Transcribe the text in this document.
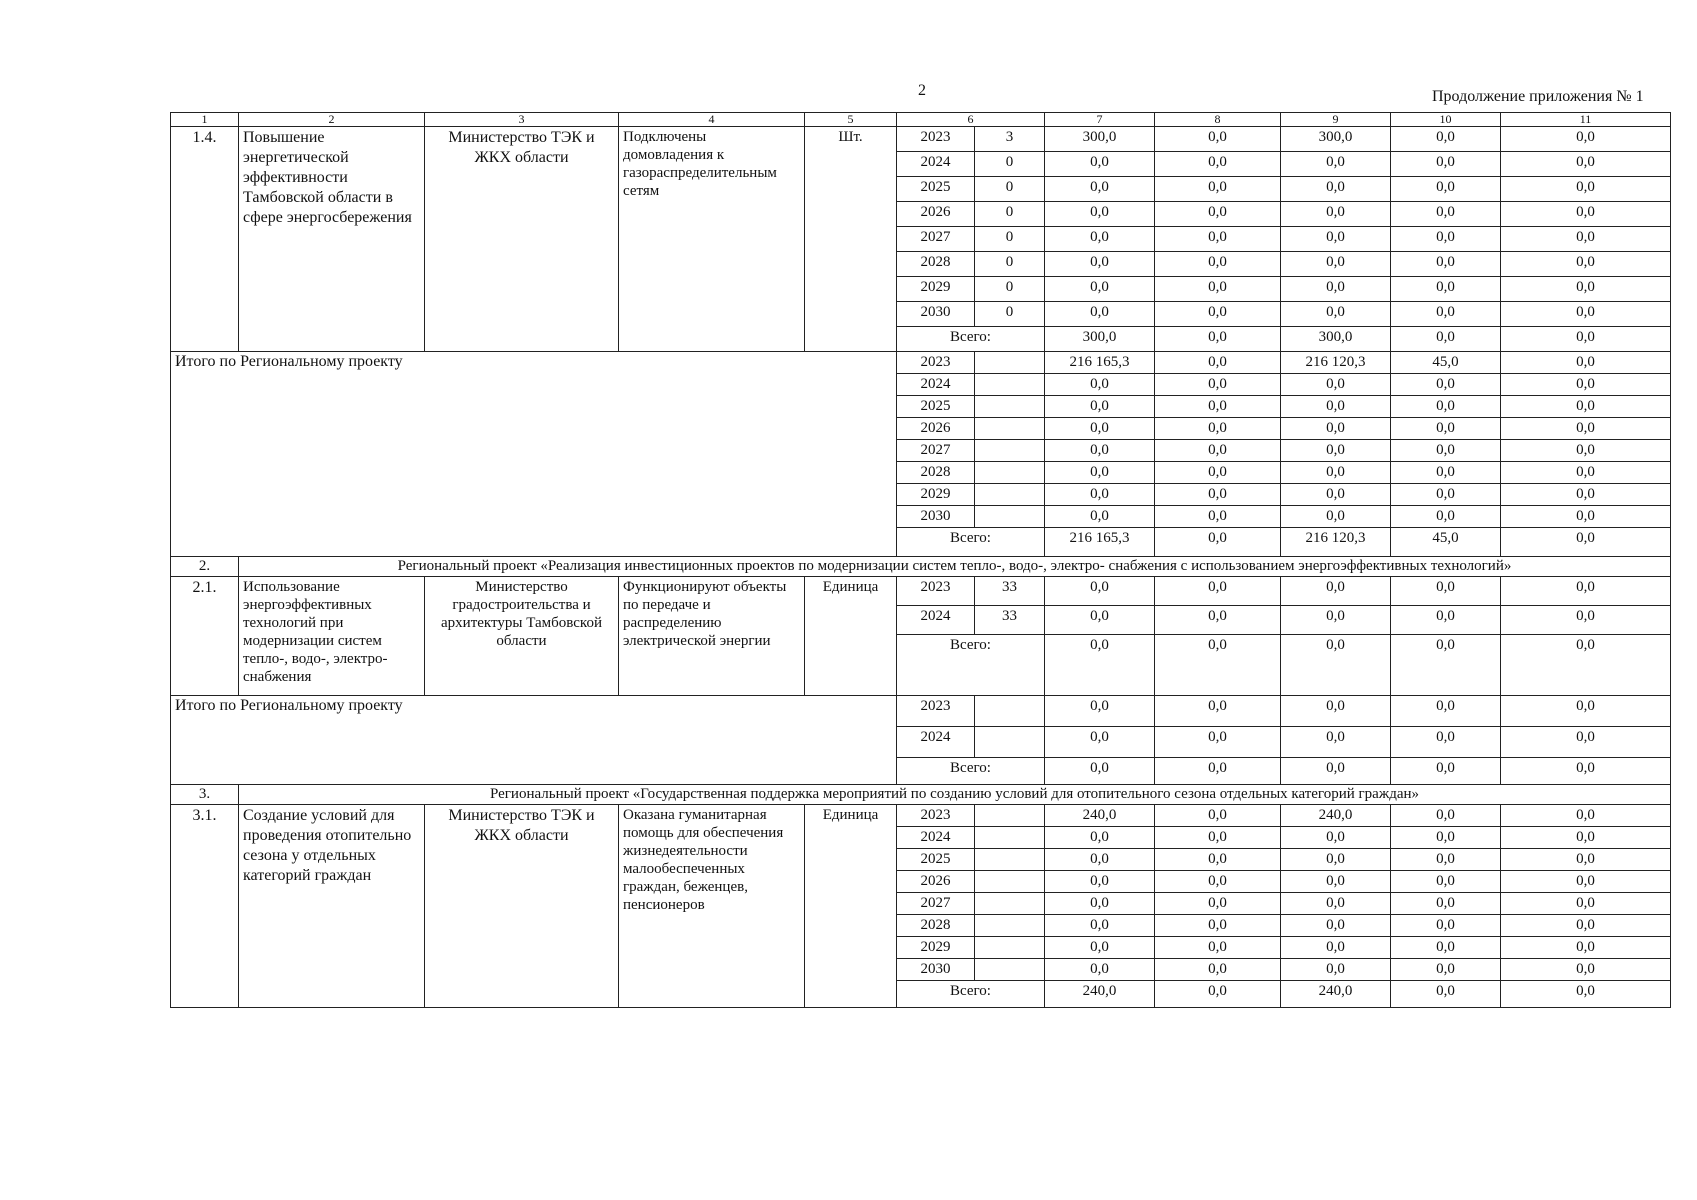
2	Продолжение приложения № 1
1	2	3	4	5	6		7	8	9	10	11
1.4.	Повышение энергетической эффективности Тамбовской области в сфере энергосбережения	Министерство ТЭК и ЖКХ области	Подключены домовладения к газораспределительным сетям	Шт.	2023	3	300,0	0,0	300,0	0,0	0,0
					2024	0	0,0	0,0	0,0	0,0	0,0
					2025	0	0,0	0,0	0,0	0,0	0,0
					2026	0	0,0	0,0	0,0	0,0	0,0
					2027	0	0,0	0,0	0,0	0,0	0,0
					2028	0	0,0	0,0	0,0	0,0	0,0
					2029	0	0,0	0,0	0,0	0,0	0,0
					2030	0	0,0	0,0	0,0	0,0	0,0
					Всего:		300,0	0,0	300,0	0,0	0,0
Итого по Региональному проекту					2023		216 165,3	0,0	216 120,3	45,0	0,0
					2024		0,0	0,0	0,0	0,0	0,0
					2025		0,0	0,0	0,0	0,0	0,0
					2026		0,0	0,0	0,0	0,0	0,0
					2027		0,0	0,0	0,0	0,0	0,0
					2028		0,0	0,0	0,0	0,0	0,0
					2029		0,0	0,0	0,0	0,0	0,0
					2030		0,0	0,0	0,0	0,0	0,0
					Всего:		216 165,3	0,0	216 120,3	45,0	0,0
2.	Региональный проект «Реализация инвестиционных проектов по модернизации систем тепло-, водо-, электро- снабжения с использованием энергоэффективных технологий»										
2.1.	Использование энергоэффективных технологий при модернизации систем тепло-, водо-, электро- снабжения	Министерство градостроительства и архитектуры Тамбовской области	Функционируют объекты по передаче и распределению электрической энергии	Единица	2023	33	0,0	0,0	0,0	0,0	0,0
					2024	33	0,0	0,0	0,0	0,0	0,0
					Всего:		0,0	0,0	0,0	0,0	0,0
Итого по Региональному проекту					2023		0,0	0,0	0,0	0,0	0,0
					2024		0,0	0,0	0,0	0,0	0,0
					Всего:		0,0	0,0	0,0	0,0	0,0
3.	Региональный проект «Государственная поддержка мероприятий по созданию условий для отопительного сезона отдельных категорий граждан»										
3.1.	Создание условий для проведения отопительно сезона у отдельных категорий граждан	Министерство ТЭК и ЖКХ области	Оказана гуманитарная помощь для обеспечения жизнедеятельности малообеспеченных граждан, беженцев, пенсионеров	Единица	2023		240,0	0,0	240,0	0,0	0,0
					2024		0,0	0,0	0,0	0,0	0,0
					2025		0,0	0,0	0,0	0,0	0,0
					2026		0,0	0,0	0,0	0,0	0,0
					2027		0,0	0,0	0,0	0,0	0,0
					2028		0,0	0,0	0,0	0,0	0,0
					2029		0,0	0,0	0,0	0,0	0,0
					2030		0,0	0,0	0,0	0,0	0,0
					Всего:		240,0	0,0	240,0	0,0	0,0
